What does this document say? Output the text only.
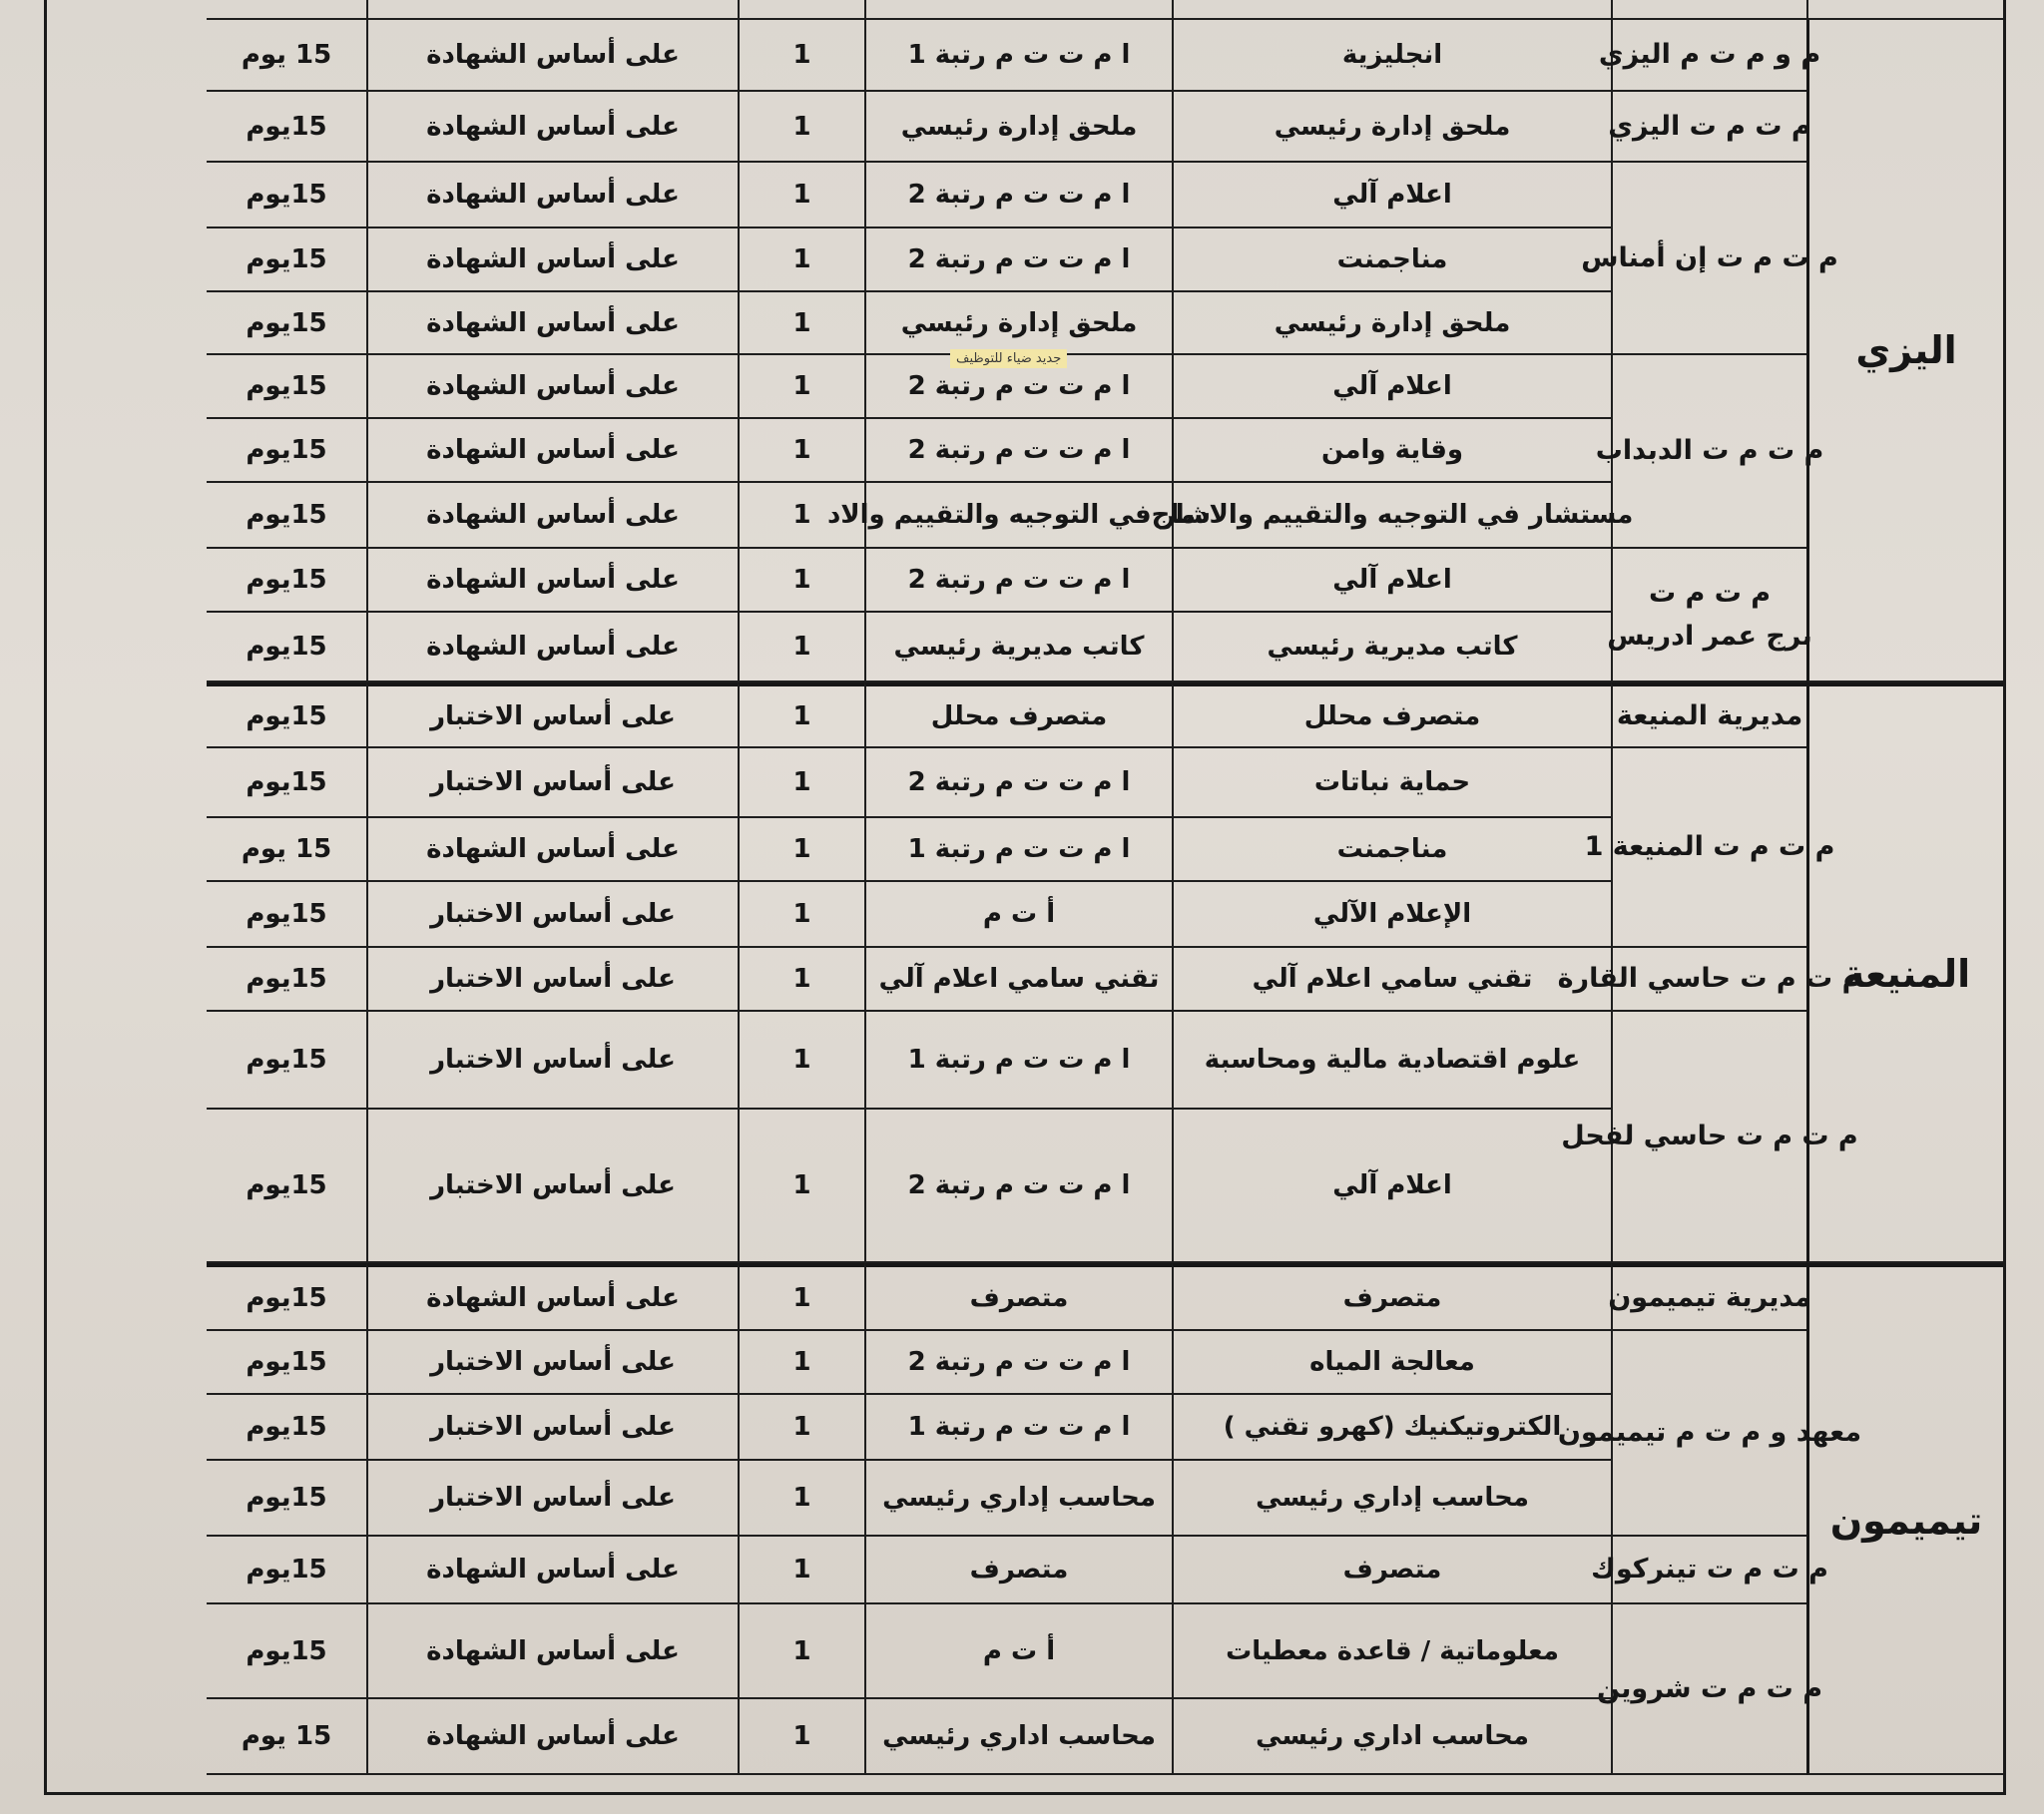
اليزي
المنيعة
تيميمون
م و م ت م اليزي
م ت م ت اليزي
م ت م ت إن أمناس
م ت م ت الدبداب
م ت م ت
برج عمر ادريس
مديرية المنيعة
م ت م ت المنيعة 1
م ت م ت حاسي القارة
م ت م ت حاسي لفحل
مديرية تيميمون
معهد و م ت م تيميمون
م ت م ت تينركوك
م ت م ت شروين
انجليزية
ا م ت ت م رتبة 1
1
على أساس الشهادة
15 يوم
ملحق إدارة رئيسي
ملحق إدارة رئيسي
1
على أساس الشهادة
15يوم
اعلام آلي
ا م ت ت م رتبة 2
1
على أساس الشهادة
15يوم
مناجمنت
ا م ت ت م رتبة 2
1
على أساس الشهادة
15يوم
ملحق إدارة رئيسي
ملحق إدارة رئيسي
1
على أساس الشهادة
15يوم
اعلام آلي
ا م ت ت م رتبة 2
1
على أساس الشهادة
15يوم
وقاية وامن
ا م ت ت م رتبة 2
1
على أساس الشهادة
15يوم
مستشار في التوجيه والتقييم والادماج
شار في التوجيه والتقييم والاد
1
على أساس الشهادة
15يوم
اعلام آلي
ا م ت ت م رتبة 2
1
على أساس الشهادة
15يوم
كاتب مديرية رئيسي
كاتب مديرية رئيسي
1
على أساس الشهادة
15يوم
متصرف محلل
متصرف محلل
1
على أساس الاختبار
15يوم
حماية نباتات
ا م ت ت م رتبة 2
1
على أساس الاختبار
15يوم
مناجمنت
ا م ت ت م رتبة 1
1
على أساس الشهادة
15 يوم
الإعلام الآلي
أ ت م
1
على أساس الاختبار
15يوم
تقني سامي اعلام آلي
تقني سامي اعلام آلي
1
على أساس الاختبار
15يوم
علوم اقتصادية مالية ومحاسبة
ا م ت ت م رتبة 1
1
على أساس الاختبار
15يوم
اعلام آلي
ا م ت ت م رتبة 2
1
على أساس الاختبار
15يوم
متصرف
متصرف
1
على أساس الشهادة
15يوم
معالجة المياه
ا م ت ت م رتبة 2
1
على أساس الاختبار
15يوم
الكتروتيكنيك (كهرو تقني )
ا م ت ت م رتبة 1
1
على أساس الاختبار
15يوم
محاسب إداري رئيسي
محاسب إداري رئيسي
1
على أساس الاختبار
15يوم
متصرف
متصرف
1
على أساس الشهادة
15يوم
معلوماتية / قاعدة معطيات
أ ت م
1
على أساس الشهادة
15يوم
محاسب اداري رئيسي
محاسب اداري رئيسي
1
على أساس الشهادة
15 يوم
جديد ضياء للتوظيف
